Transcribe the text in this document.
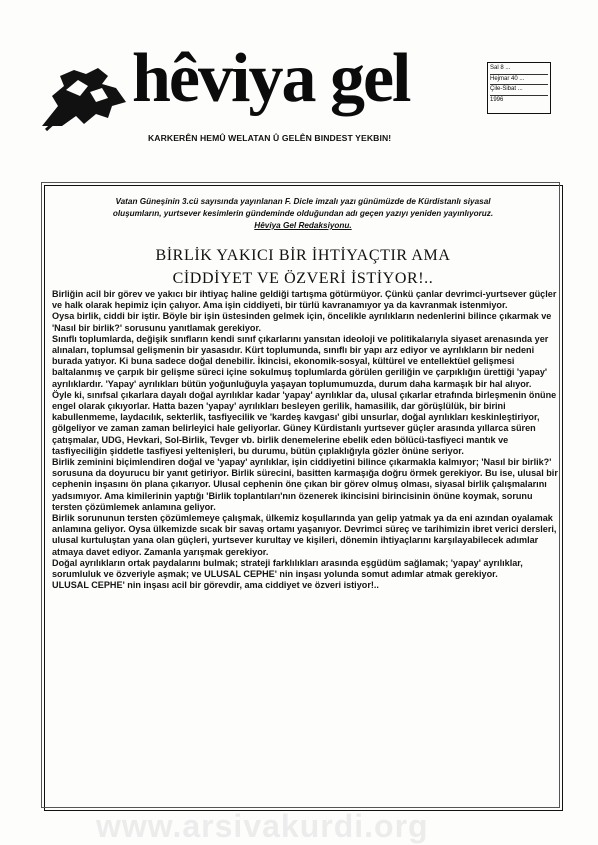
hêviya gel	Sal 8 ...
Hejmar 40 ...
Çile-Sibat ...
1996
KARKERÊN HEMÛ WELATAN Û GELÊN BINDEST YEKBIN!
Vatan Güneşinin 3.cü sayısında yayınlanan F. Dicle imzalı yazı günümüzde de Kürdistanlı siyasal
oluşumların, yurtsever kesimlerin gündeminde olduğundan adı geçen yazıyı yeniden yayınlıyoruz.
Hêviya Gel Redaksiyonu.
BİRLİK YAKICI BİR İHTİYAÇTIR AMA
CİDDİYET VE ÖZVERİ İSTİYOR!..

Birliğin acil bir görev ve yakıcı bir ihtiyaç haline geldiği tartışma götürmüyor. Çünkü çanlar devrimci-yurtsever güçler ve halk olarak hepimiz için çalıyor. Ama işin ciddiyeti, bir türlü kavranamıyor ya da kavranmak istenmiyor.

Oysa birlik, ciddi bir iştir. Böyle bir işin üstesinden gelmek için, öncelikle ayrılıkların nedenlerini bilince çıkarmak ve 'Nasıl bir birlik?' sorusunu yanıtlamak gerekiyor.

Sınıflı toplumlarda, değişik sınıfların kendi sınıf çıkarlarını yansıtan ideoloji ve politikalarıyla siyaset arenasında yer alınaları, toplumsal gelişmenin bir yasasıdır. Kürt toplumunda, sınıflı bir yapı arz ediyor ve ayrılıkların bir nedeni burada yatıyor. Ki buna sadece doğal denebilir. İkincisi, ekonomik-sosyal, kültürel ve entellektüel gelişmesi baltalanmış ve çarpık bir gelişme süreci içine sokulmuş toplumlarda görülen geriliğin ve çarpıklığın ürettiği 'yapay' ayrılıklardır. 'Yapay' ayrılıkları bütün yoğunluğuyla yaşayan toplumumuzda, durum daha karmaşık bir hal alıyor.

Öyle ki, sınıfsal çıkarlara dayalı doğal ayrılıklar kadar 'yapay' ayrılıklar da, ulusal çıkarlar etrafında birleşmenin önüne engel olarak çıkıyorlar. Hatta bazen 'yapay' ayrılıkları besleyen gerilik, hamasilik, dar görüşlülük, bir birini kabullenmeme, laydacılık, sekterlik, tasfiyecilik ve 'kardeş kavgası' gibi unsurlar, doğal ayrılıkları keskinleştiriyor, gölgeliyor ve zaman zaman belirleyici hale geliyorlar. Güney Kürdistanlı yurtsever güçler arasında yıllarca süren çatışmalar, UDG, Hevkari, Sol-Birlik, Tevger vb. birlik denemelerine ebelik eden bölücü-tasfiyeci mantık ve tasfiyeciliğin şiddetle tasfiyesi yeltenişleri, bu durumu, bütün çıplaklığıyla gözler önüne seriyor.

Birlik zeminini biçimlendiren doğal ve 'yapay' ayrılıklar, işin ciddiyetini bilince çıkarmakla kalmıyor; 'Nasıl bir birlik?' sorusuna da doyurucu bir yanıt getiriyor. Birlik sürecini, basitten karmaşığa doğru örmek gerekiyor. Bu ise, ulusal bir cephenin inşasını ön plana çıkarıyor. Ulusal cephenin öne çıkan bir görev olmuş olması, siyasal birlik çalışmalarını yadsımıyor. Ama kimilerinin yaptığı 'Birlik toplantıları'nın özenerek ikincisini birincisinin önüne koymak, sorunu tersten çözümlemek anlamına geliyor.

Birlik sorununun tersten çözümlemeye çalışmak, ülkemiz koşullarında yan gelip yatmak ya da eni azından oyalamak anlamına geliyor. Oysa ülkemizde sıcak bir savaş ortamı yaşanıyor. Devrimci süreç ve tarihimizin ibret verici dersleri, ulusal kurtuluştan yana olan güçleri, yurtsever kurultay ve kişileri, dönemin ihtiyaçlarını karşılayabilecek adımlar atmaya davet ediyor. Zamanla yarışmak gerekiyor.

Doğal ayrılıkların ortak paydalarını bulmak; strateji farklılıkları arasında eşgüdüm sağlamak; 'yapay' ayrılıklar, sorumluluk ve özveriyle aşmak; ve ULUSAL CEPHE' nin inşası yolunda somut adımlar atmak gerekiyor.

ULUSAL CEPHE' nin inşası acil bir görevdir, ama ciddiyet ve özveri istiyor!..

www.arsivakurdi.org
